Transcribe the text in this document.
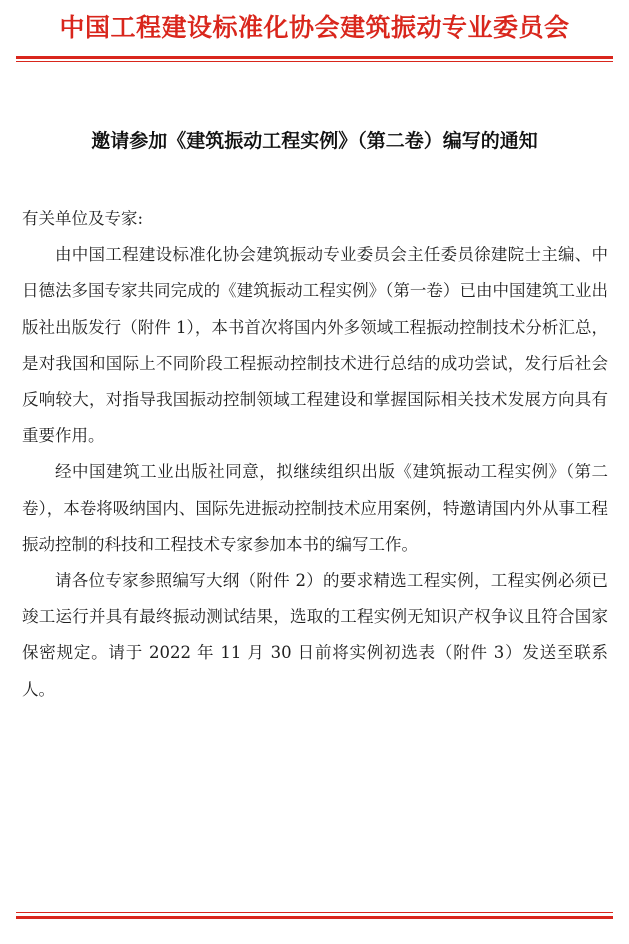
中国工程建设标准化协会建筑振动专业委员会
邀请参加《建筑振动工程实例》（第二卷）编写的通知

有关单位及专家:

由中国工程建设标准化协会建筑振动专业委员会主任委员徐建院士主编、中日德法多国专家共同完成的《建筑振动工程实例》（第一卷）已由中国建筑工业出版社出版发行（附件 1），本书首次将国内外多领域工程振动控制技术分析汇总，是对我国和国际上不同阶段工程振动控制技术进行总结的成功尝试，发行后社会反响较大，对指导我国振动控制领域工程建设和掌握国际相关技术发展方向具有重要作用。

经中国建筑工业出版社同意，拟继续组织出版《建筑振动工程实例》（第二卷），本卷将吸纳国内、国际先进振动控制技术应用案例，特邀请国内外从事工程振动控制的科技和工程技术专家参加本书的编写工作。

请各位专家参照编写大纲（附件 2）的要求精选工程实例，工程实例必须已竣工运行并具有最终振动测试结果，选取的工程实例无知识产权争议且符合国家保密规定。请于 2022 年 11 月 30 日前将实例初选表（附件 3）发送至联系人。
